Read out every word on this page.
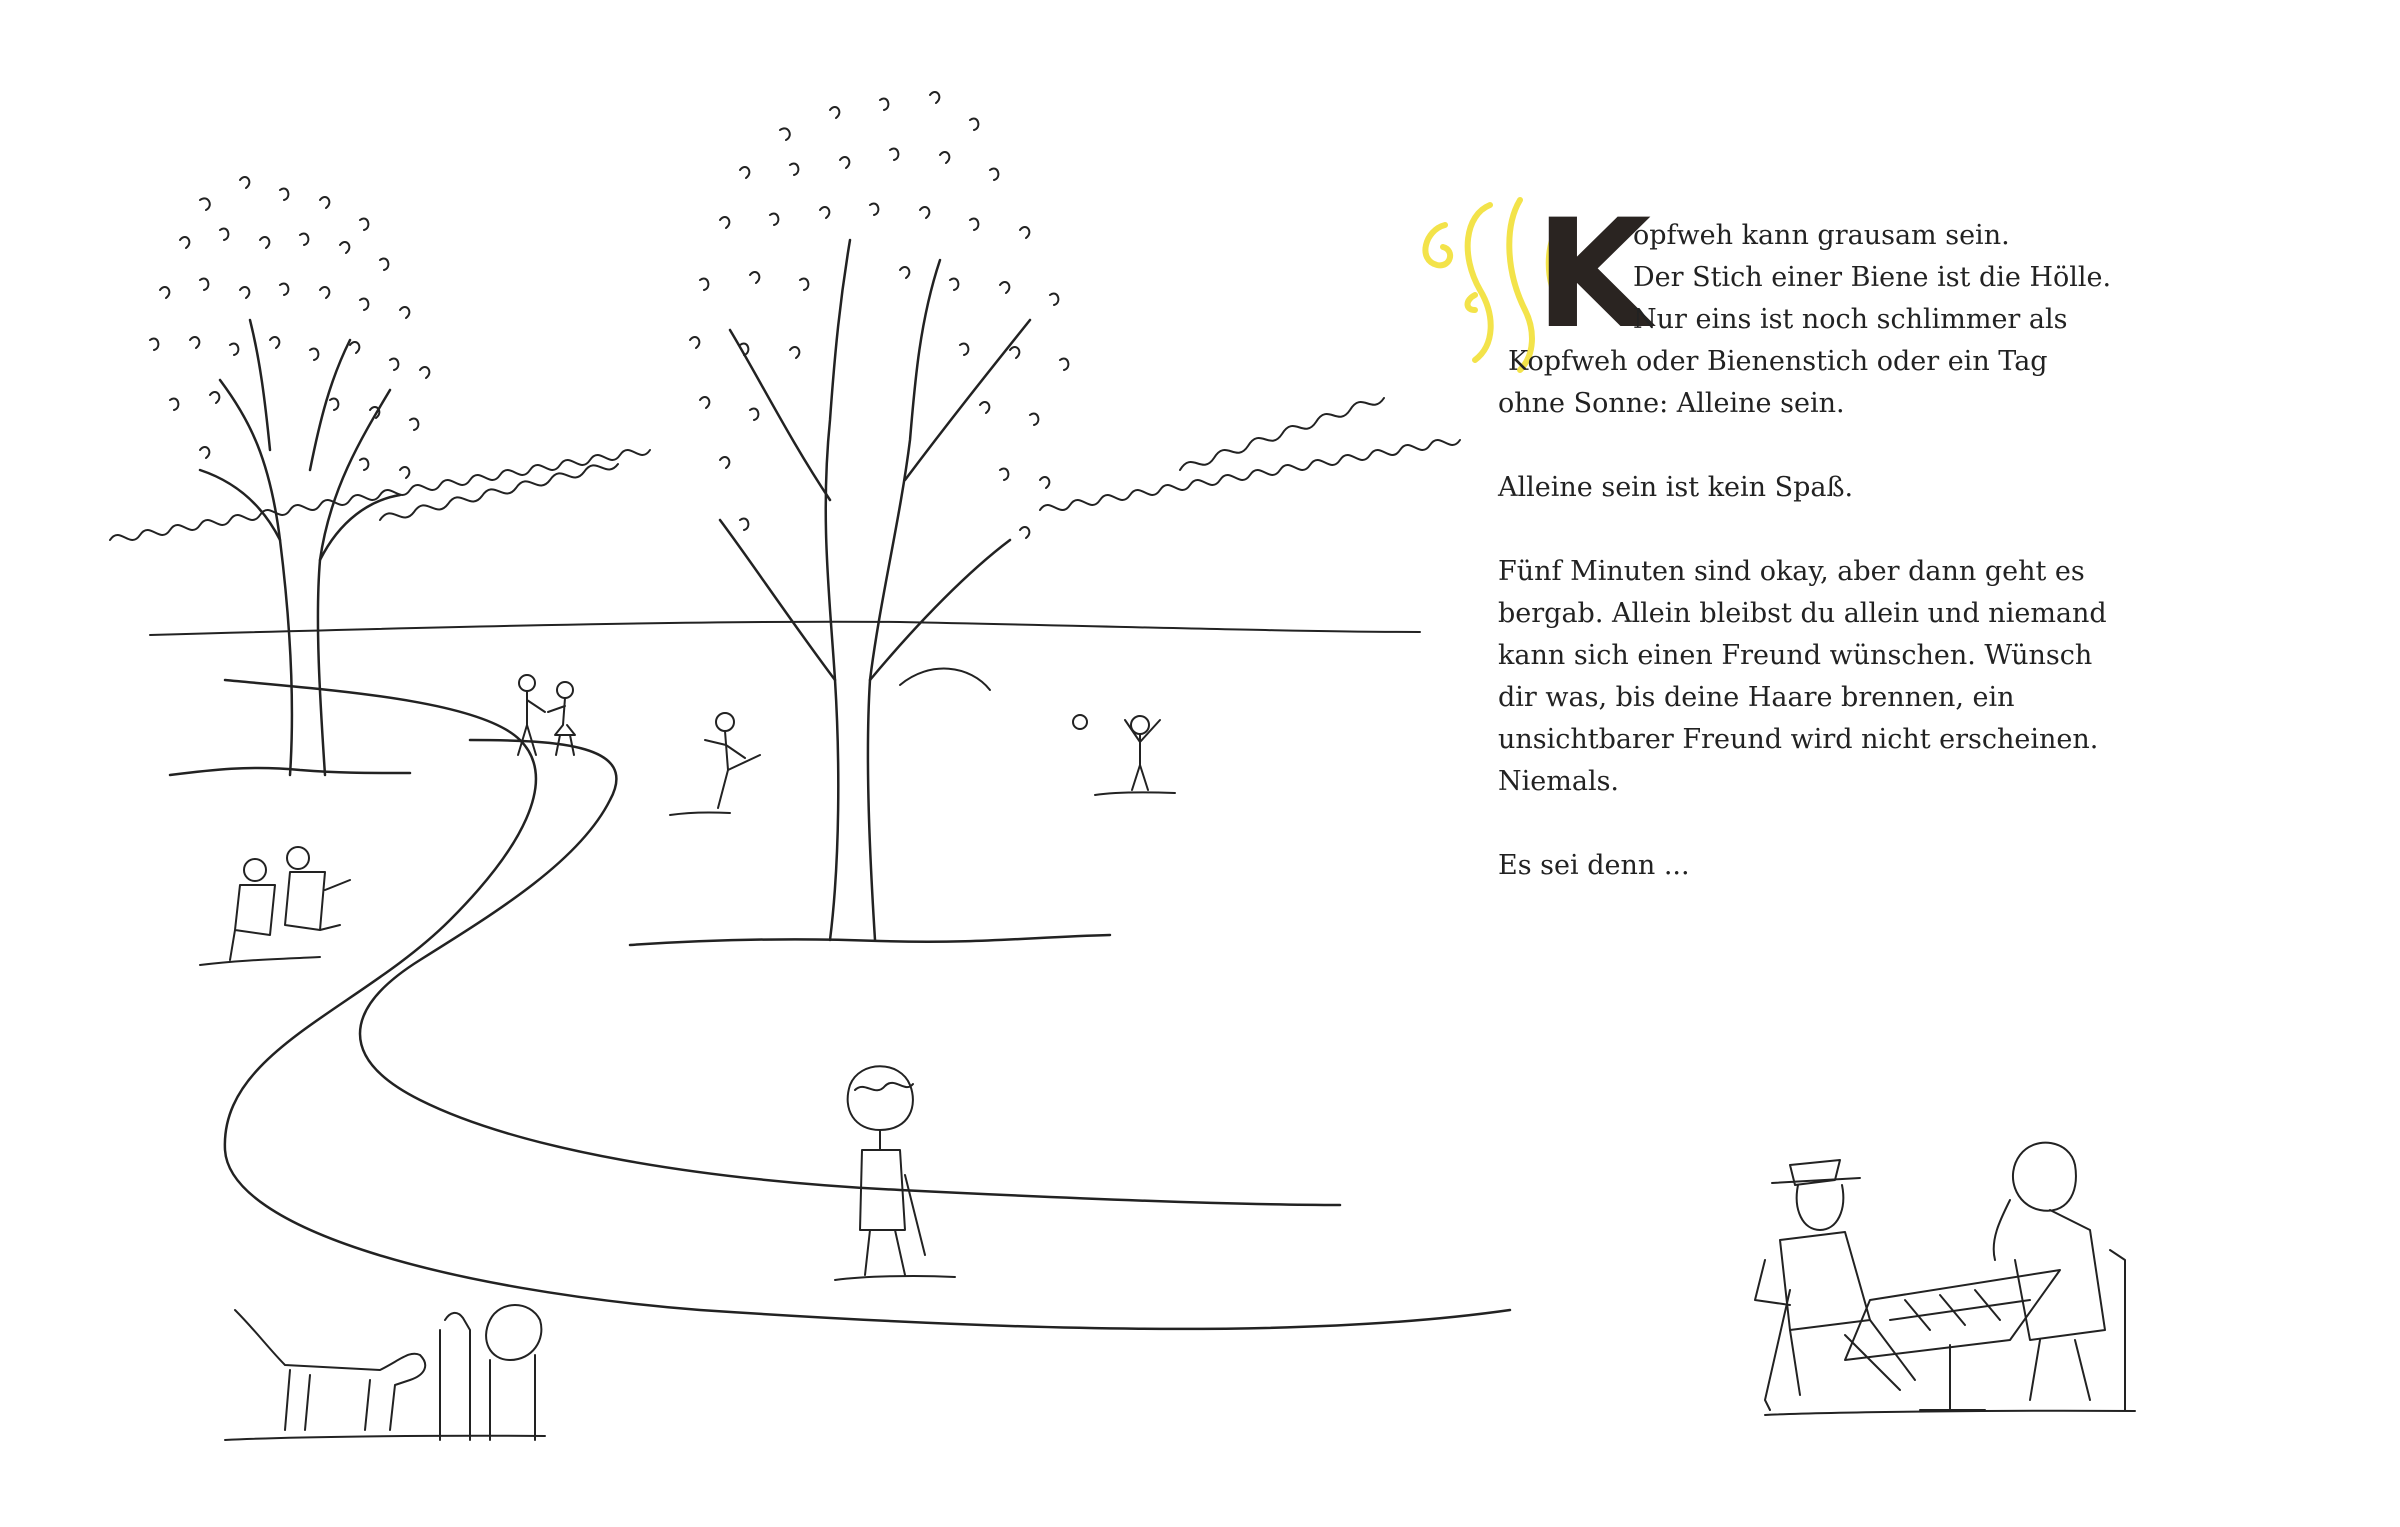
K
opfweh kann grausam sein.
Der Stich einer Biene ist die Hölle.
Nur eins ist noch schlimmer als
Kopfweh oder Bienenstich oder ein Tag
ohne Sonne: Alleine sein.
Alleine sein ist kein Spaß.
Fünf Minuten sind okay, aber dann geht es
bergab. Allein bleibst du allein und niemand
kann sich einen Freund wünschen. Wünsch
dir was, bis deine Haare brennen, ein
unsichtbarer Freund wird nicht erscheinen.
Niemals.
Es sei denn ...
